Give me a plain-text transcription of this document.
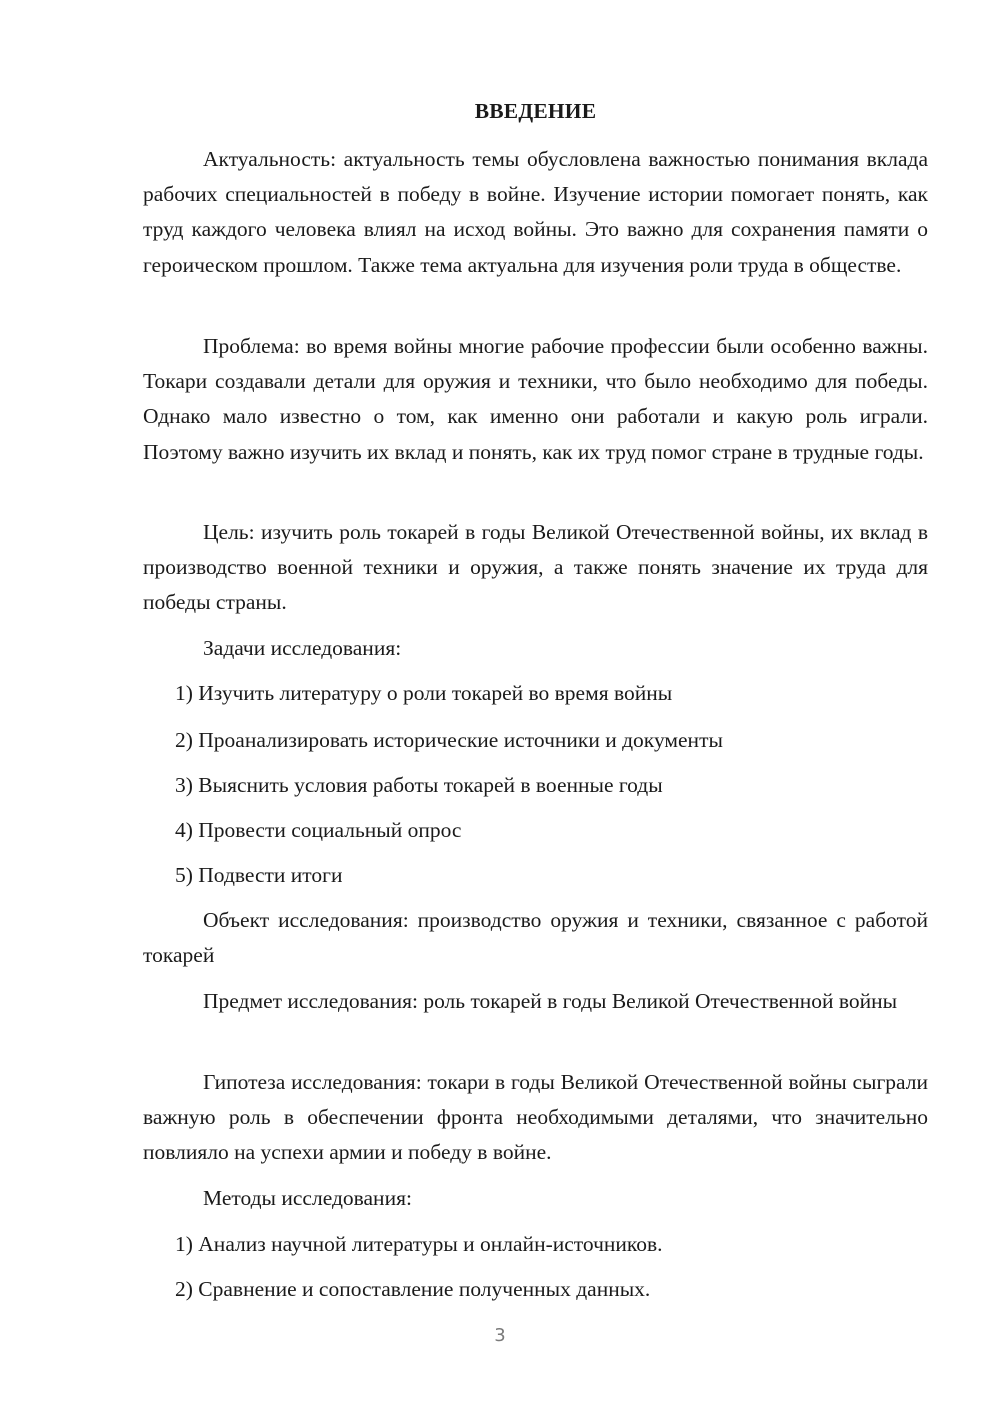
ВВЕДЕНИЕ

Актуальность: актуальность темы обусловлена важностью понимания вклада рабочих специальностей в победу в войне. Изучение истории помогает понять, как труд каждого человека влиял на исход войны. Это важно для сохранения памяти о героическом прошлом. Также тема актуальна для изучения роли труда в обществе.

Проблема: во время войны многие рабочие профессии были особенно важны. Токари создавали детали для оружия и техники, что было необходимо для победы. Однако мало известно о том, как именно они работали и какую роль играли. Поэтому важно изучить их вклад и понять, как их труд помог стране в трудные годы.

Цель: изучить роль токарей в годы Великой Отечественной войны, их вклад в производство военной техники и оружия, а также понять значение их труда для победы страны.

Задачи исследования:
1) Изучить литературу о роли токарей во время войны
2) Проанализировать исторические источники и документы
3) Выяснить условия работы токарей в военные годы
4) Провести социальный опрос
5) Подвести итоги

Объект исследования: производство оружия и техники, связанное с работой токарей

Предмет исследования: роль токарей в годы Великой Отечественной войны

Гипотеза исследования: токари в годы Великой Отечественной войны сыграли важную роль в обеспечении фронта необходимыми деталями, что значительно повлияло на успехи армии и победу в войне.

Методы исследования:
1) Анализ научной литературы и онлайн-источников.
2) Сравнение и сопоставление полученных данных.
3
